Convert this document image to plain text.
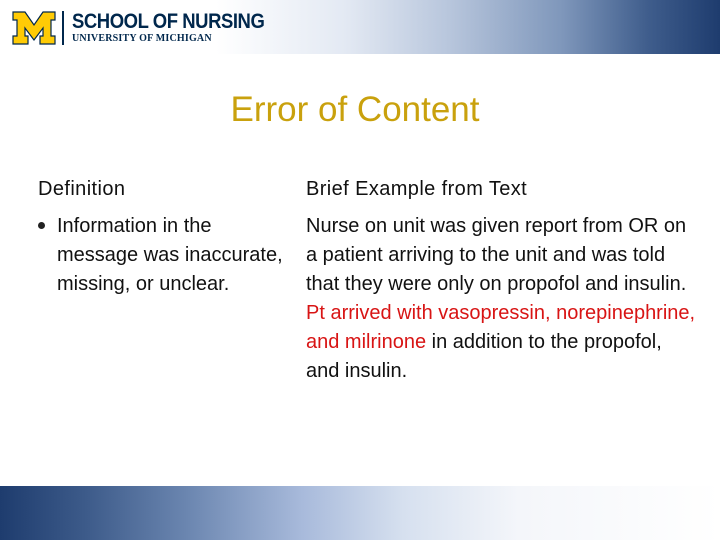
SCHOOL OF NURSING
UNIVERSITY OF MICHIGAN
Error of Content
Definition
Information in the message was inaccurate, missing, or unclear.
Brief Example from Text
Nurse on unit was given report from OR on a patient arriving to the unit and was told that they were only on propofol and insulin. Pt arrived with vasopressin, norepinephrine, and milrinone in addition to the propofol, and insulin.
